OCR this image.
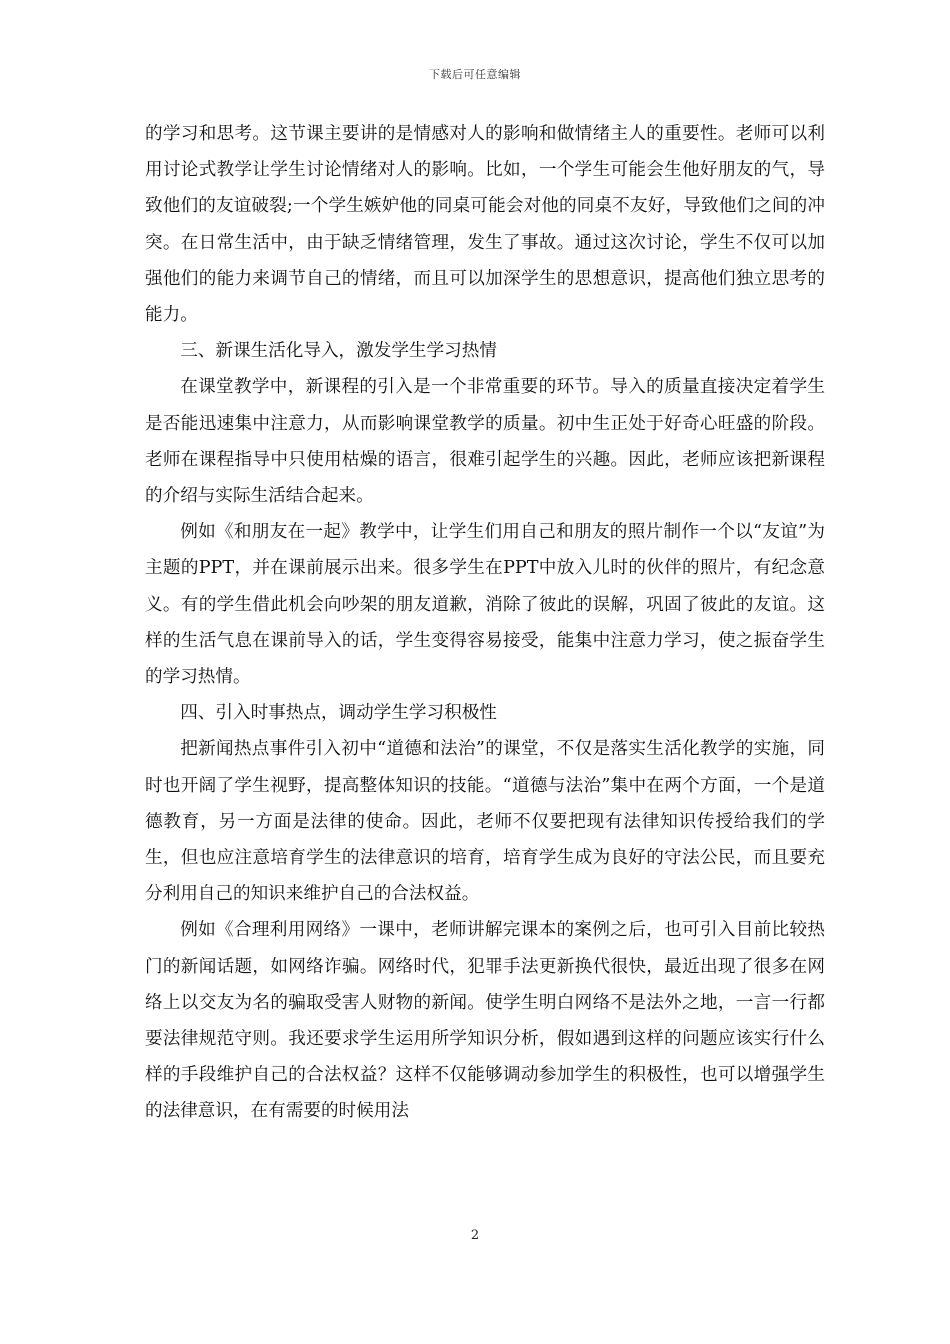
下载后可任意编辑

的学习和思考。这节课主要讲的是情感对人的影响和做情绪主人的重要性。老师可以利用讨论式教学让学生讨论情绪对人的影响。比如，一个学生可能会生他好朋友的气，导致他们的友谊破裂;一个学生嫉妒他的同桌可能会对他的同桌不友好，导致他们之间的冲突。在日常生活中，由于缺乏情绪管理，发生了事故。通过这次讨论，学生不仅可以加强他们的能力来调节自己的情绪，而且可以加深学生的思想意识，提高他们独立思考的能力。

三、新课生活化导入，激发学生学习热情

在课堂教学中，新课程的引入是一个非常重要的环节。导入的质量直接决定着学生是否能迅速集中注意力，从而影响课堂教学的质量。初中生正处于好奇心旺盛的阶段。老师在课程指导中只使用枯燥的语言，很难引起学生的兴趣。因此，老师应该把新课程的介绍与实际生活结合起来。

例如《和朋友在一起》教学中，让学生们用自己和朋友的照片制作一个以“友谊”为主题的PPT，并在课前展示出来。很多学生在PPT中放入儿时的伙伴的照片，有纪念意义。有的学生借此机会向吵架的朋友道歉，消除了彼此的误解，巩固了彼此的友谊。这样的生活气息在课前导入的话，学生变得容易接受，能集中注意力学习，使之振奋学生的学习热情。

四、引入时事热点，调动学生学习积极性

把新闻热点事件引入初中“道德和法治”的课堂，不仅是落实生活化教学的实施，同时也开阔了学生视野，提高整体知识的技能。“道德与法治”集中在两个方面，一个是道德教育，另一方面是法律的使命。因此，老师不仅要把现有法律知识传授给我们的学生，但也应注意培育学生的法律意识的培育，培育学生成为良好的守法公民，而且要充分利用自己的知识来维护自己的合法权益。

例如《合理利用网络》一课中，老师讲解完课本的案例之后，也可引入目前比较热门的新闻话题，如网络诈骗。网络时代，犯罪手法更新换代很快，最近出现了很多在网络上以交友为名的骗取受害人财物的新闻。使学生明白网络不是法外之地，一言一行都要法律规范守则。我还要求学生运用所学知识分析，假如遇到这样的问题应该实行什么样的手段维护自己的合法权益？这样不仅能够调动参加学生的积极性，也可以增强学生的法律意识，在有需要的时候用法

2
